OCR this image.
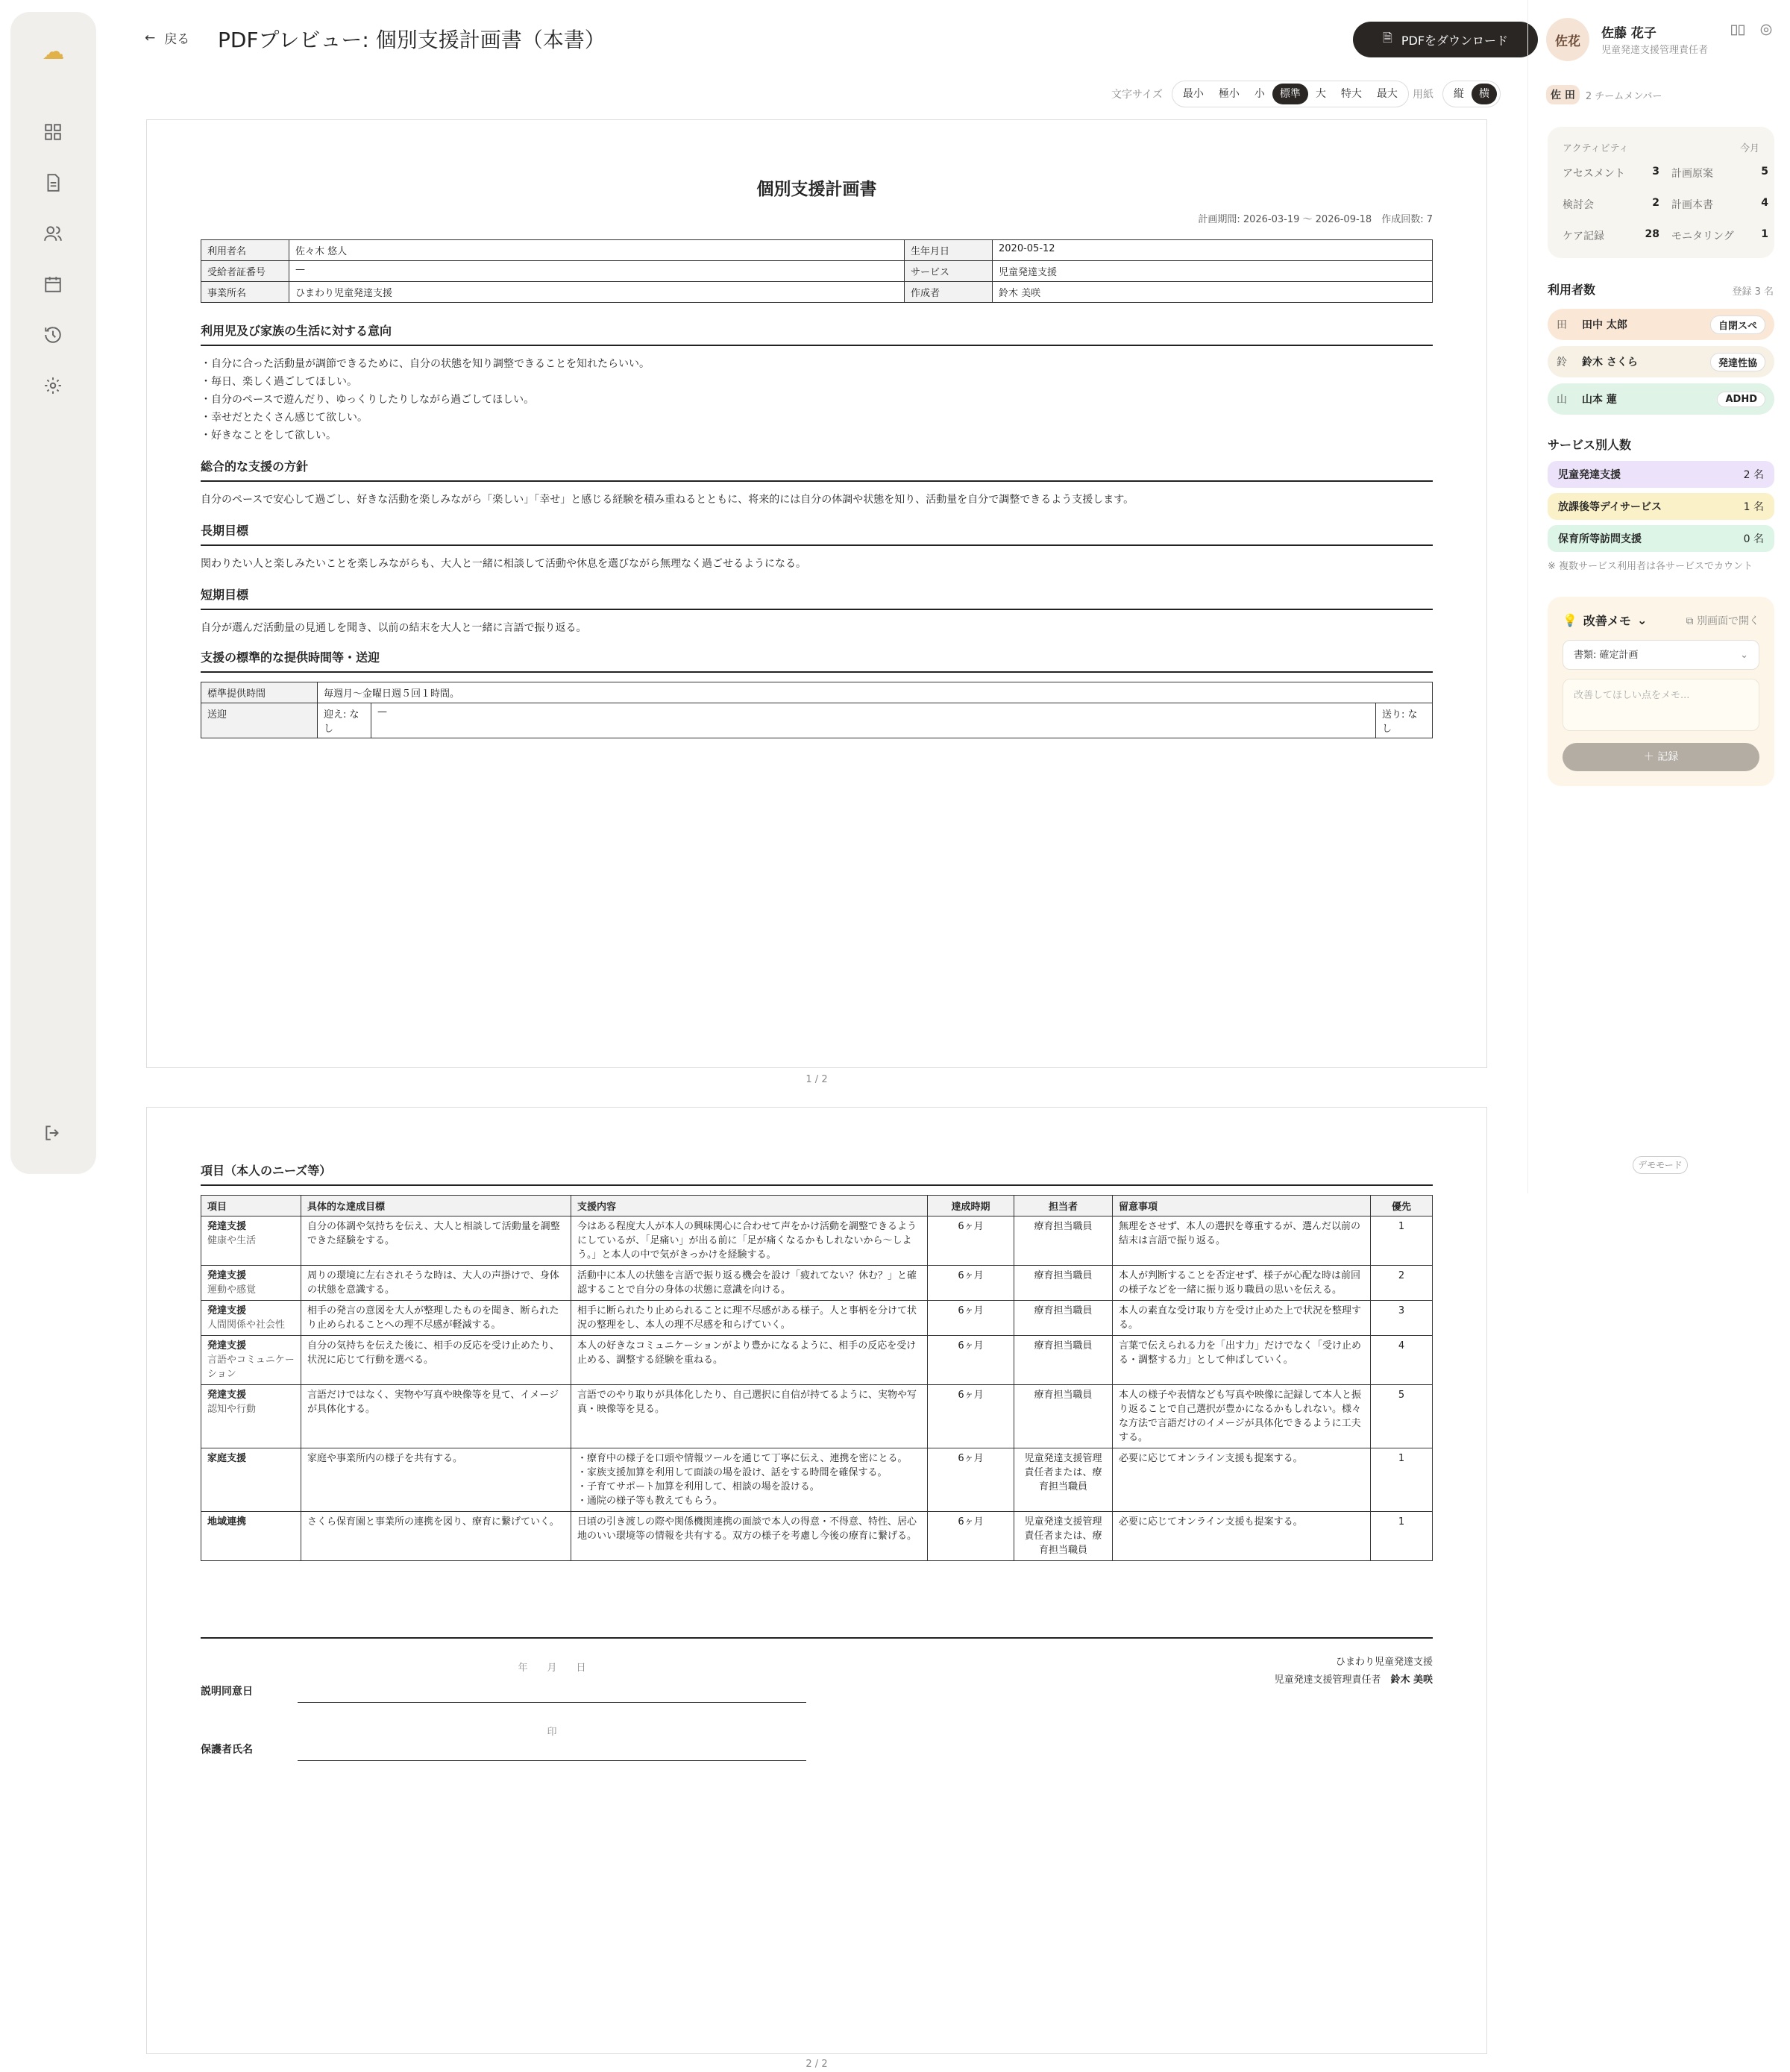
☁
← 戻る PDFプレビュー: 個別支援計画書（本書）	🗎 PDFをダウンロード
文字サイズ	最小	極小	小	標準	大	特大	最大	用紙	縦	横
個別支援計画書
計画期間: 2026-03-19 〜 2026-09-18　作成回数: 7
利用者名	佐々木 悠人	生年月日	2020-05-12
受給者証番号	—	サービス	児童発達支援
事業所名	ひまわり児童発達支援	作成者	鈴木 美咲
利用児及び家族の生活に対する意向
・自分に合った活動量が調節できるために、自分の状態を知り調整できることを知れたらいい。
・毎日、楽しく過ごしてほしい。
・自分のペースで遊んだり、ゆっくりしたりしながら過ごしてほしい。
・幸せだとたくさん感じて欲しい。
・好きなことをして欲しい。
総合的な支援の方針
自分のペースで安心して過ごし、好きな活動を楽しみながら「楽しい」「幸せ」と感じる経験を積み重ねるとともに、将来的には自分の体調や状態を知り、活動量を自分で調整できるよう支援します。
長期目標
関わりたい人と楽しみたいことを楽しみながらも、大人と一緒に相談して活動や休息を選びながら無理なく過ごせるようになる。
短期目標
自分が選んだ活動量の見通しを聞き、以前の結末を大人と一緒に言語で振り返る。
支援の標準的な提供時間等・送迎
標準提供時間	毎週月〜金曜日週５回１時間。		
送迎	迎え: なし	—	送り: なし
1 / 2
項目（本人のニーズ等）
項目	具体的な達成目標	支援内容	達成時期	担当者	留意事項	優先

発達支援
健康や生活	自分の体調や気持ちを伝え、大人と相談して活動量を調整できた経験をする。	今はある程度大人が本人の興味関心に合わせて声をかけ活動を調整できるようにしているが、「足痛い」が出る前に「足が痛くなるかもしれないから〜しよう。」と本人の中で気がきっかけを経験する。	6ヶ月	療育担当職員	無理をさせず、本人の選択を尊重するが、選んだ以前の結末は言語で振り返る。	1

発達支援
運動や感覚	周りの環境に左右されそうな時は、大人の声掛けで、身体の状態を意識する。	活動中に本人の状態を言語で振り返る機会を設け「疲れてない？休む？」と確認することで自分の身体の状態に意識を向ける。	6ヶ月	療育担当職員	本人が判断することを否定せず、様子が心配な時は前回の様子などを一緒に振り返り職員の思いを伝える。	2

発達支援
人間関係や社会性	相手の発言の意図を大人が整理したものを聞き、断られたり止められることへの理不尽感が軽減する。	相手に断られたり止められることに理不尽感がある様子。人と事柄を分けて状況の整理をし、本人の理不尽感を和らげていく。	6ヶ月	療育担当職員	本人の素直な受け取り方を受け止めた上で状況を整理する。	3

発達支援
言語やコミュニケーション	自分の気持ちを伝えた後に、相手の反応を受け止めたり、状況に応じて行動を選べる。	本人の好きなコミュニケーションがより豊かになるように、相手の反応を受け止める、調整する経験を重ねる。	6ヶ月	療育担当職員	言葉で伝えられる力を「出す力」だけでなく「受け止める・調整する力」として伸ばしていく。	4

発達支援
認知や行動	言語だけではなく、実物や写真や映像等を見て、イメージが具体化する。	言語でのやり取りが具体化したり、自己選択に自信が持てるように、実物や写真・映像等を見る。	6ヶ月	療育担当職員	本人の様子や表情なども写真や映像に記録して本人と振り返ることで自己選択が豊かになるかもしれない。様々な方法で言語だけのイメージが具体化できるように工夫する。	5

家庭支援	家庭や事業所内の様子を共有する。	・療育中の様子を口頭や情報ツールを通じて丁寧に伝え、連携を密にとる。
・家族支援加算を利用して面談の場を設け、話をする時間を確保する。
・子育てサポート加算を利用して、相談の場を設ける。
・通院の様子等も教えてもらう。	6ヶ月	児童発達支援管理責任者または、療育担当職員	必要に応じてオンライン支援も提案する。	1

地域連携	さくら保育園と事業所の連携を図り、療育に繋げていく。	日頃の引き渡しの際や関係機関連携の面談で本人の得意・不得意、特性、居心地のいい環境等の情報を共有する。双方の様子を考慮し今後の療育に繋げる。	6ヶ月	児童発達支援管理責任者または、療育担当職員	必要に応じてオンライン支援も提案する。	1
ひまわり児童発達支援
児童発達支援管理責任者　 鈴木 美咲
説明同意日
年　　月　　日
保護者氏名
印
2 / 2
佐花
佐藤 花子
児童発達支援管理責任者
佐 田	2 チームメンバー
アクティビティ	今月
アセスメント	3 計画原案	5
検討会	2 計画本書	4
ケア記録	28 モニタリング	1
利用者数	登録 3 名
田	田中 太郎	自閉スペ
鈴	鈴木 さくら	発達性協
山	山本 蓮	ADHD
サービス別人数
児童発達支援	2 名
放課後等デイサービス	1 名
保育所等訪問支援	0 名
※ 複数サービス利用者は各サービスでカウント
💡 改善メモ ⌄	⧉ 別画面で開く
書類: 確定計画	⌄
改善してほしい点をメモ...
＋ 記録
デモモード
